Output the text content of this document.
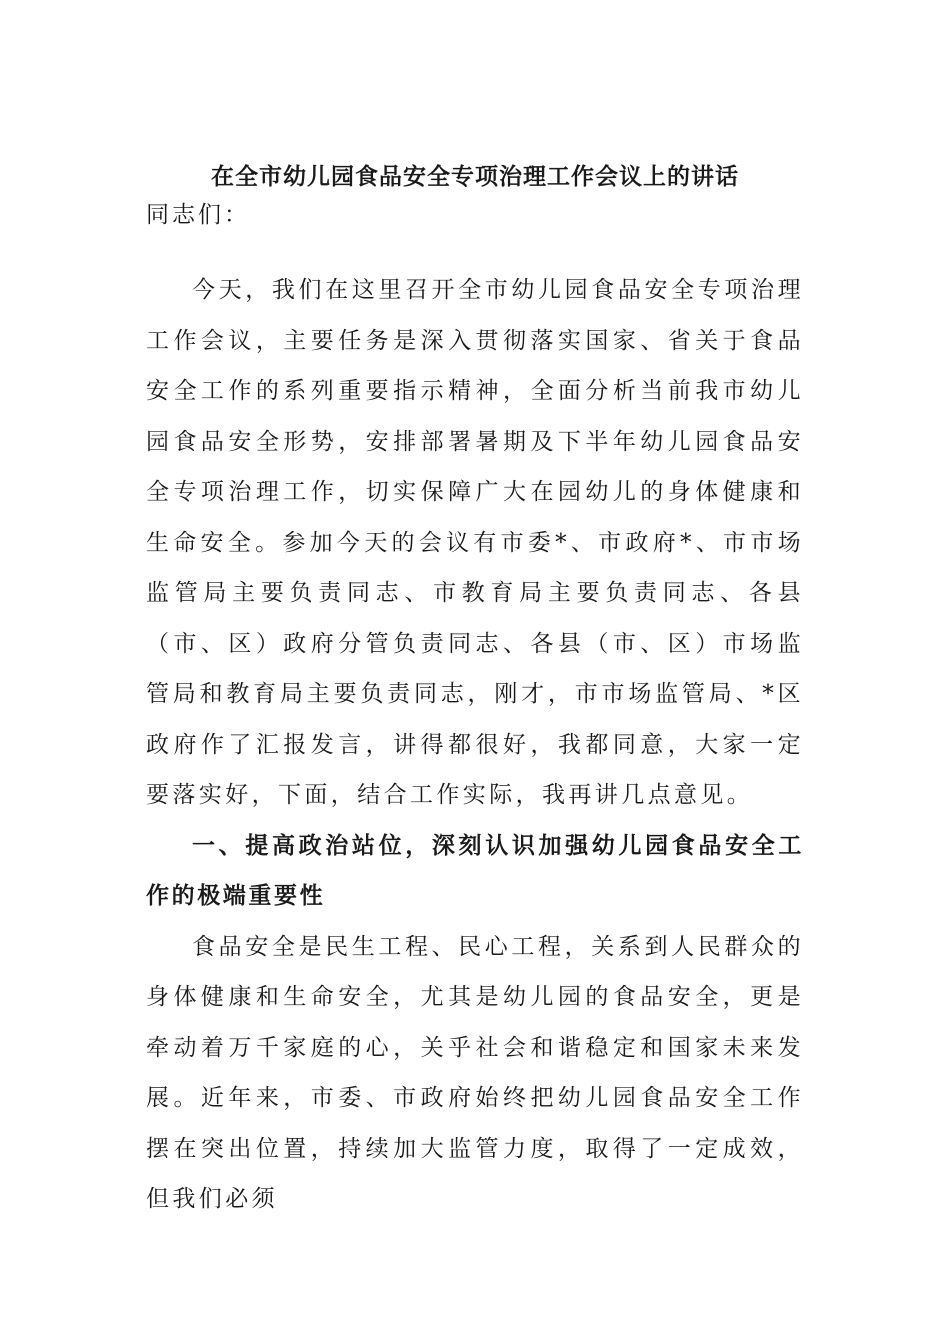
在全市幼儿园食品安全专项治理工作会议上的讲话

同志们：

今天，我们在这里召开全市幼儿园食品安全专项治理工作会议，主要任务是深入贯彻落实国家、省关于食品安全工作的系列重要指示精神，全面分析当前我市幼儿园食品安全形势，安排部署暑期及下半年幼儿园食品安全专项治理工作，切实保障广大在园幼儿的身体健康和生命安全。参加今天的会议有市委*、市政府*、市市场监管局主要负责同志、市教育局主要负责同志、各县（市、区）政府分管负责同志、各县（市、区）市场监管局和教育局主要负责同志，刚才，市市场监管局、*区政府作了汇报发言，讲得都很好，我都同意，大家一定要落实好，下面，结合工作实际，我再讲几点意见。

一、提高政治站位，深刻认识加强幼儿园食品安全工作的极端重要性

食品安全是民生工程、民心工程，关系到人民群众的身体健康和生命安全，尤其是幼儿园的食品安全，更是牵动着万千家庭的心，关乎社会和谐稳定和国家未来发展。近年来，市委、市政府始终把幼儿园食品安全工作摆在突出位置，持续加大监管力度，取得了一定成效，但我们必须
